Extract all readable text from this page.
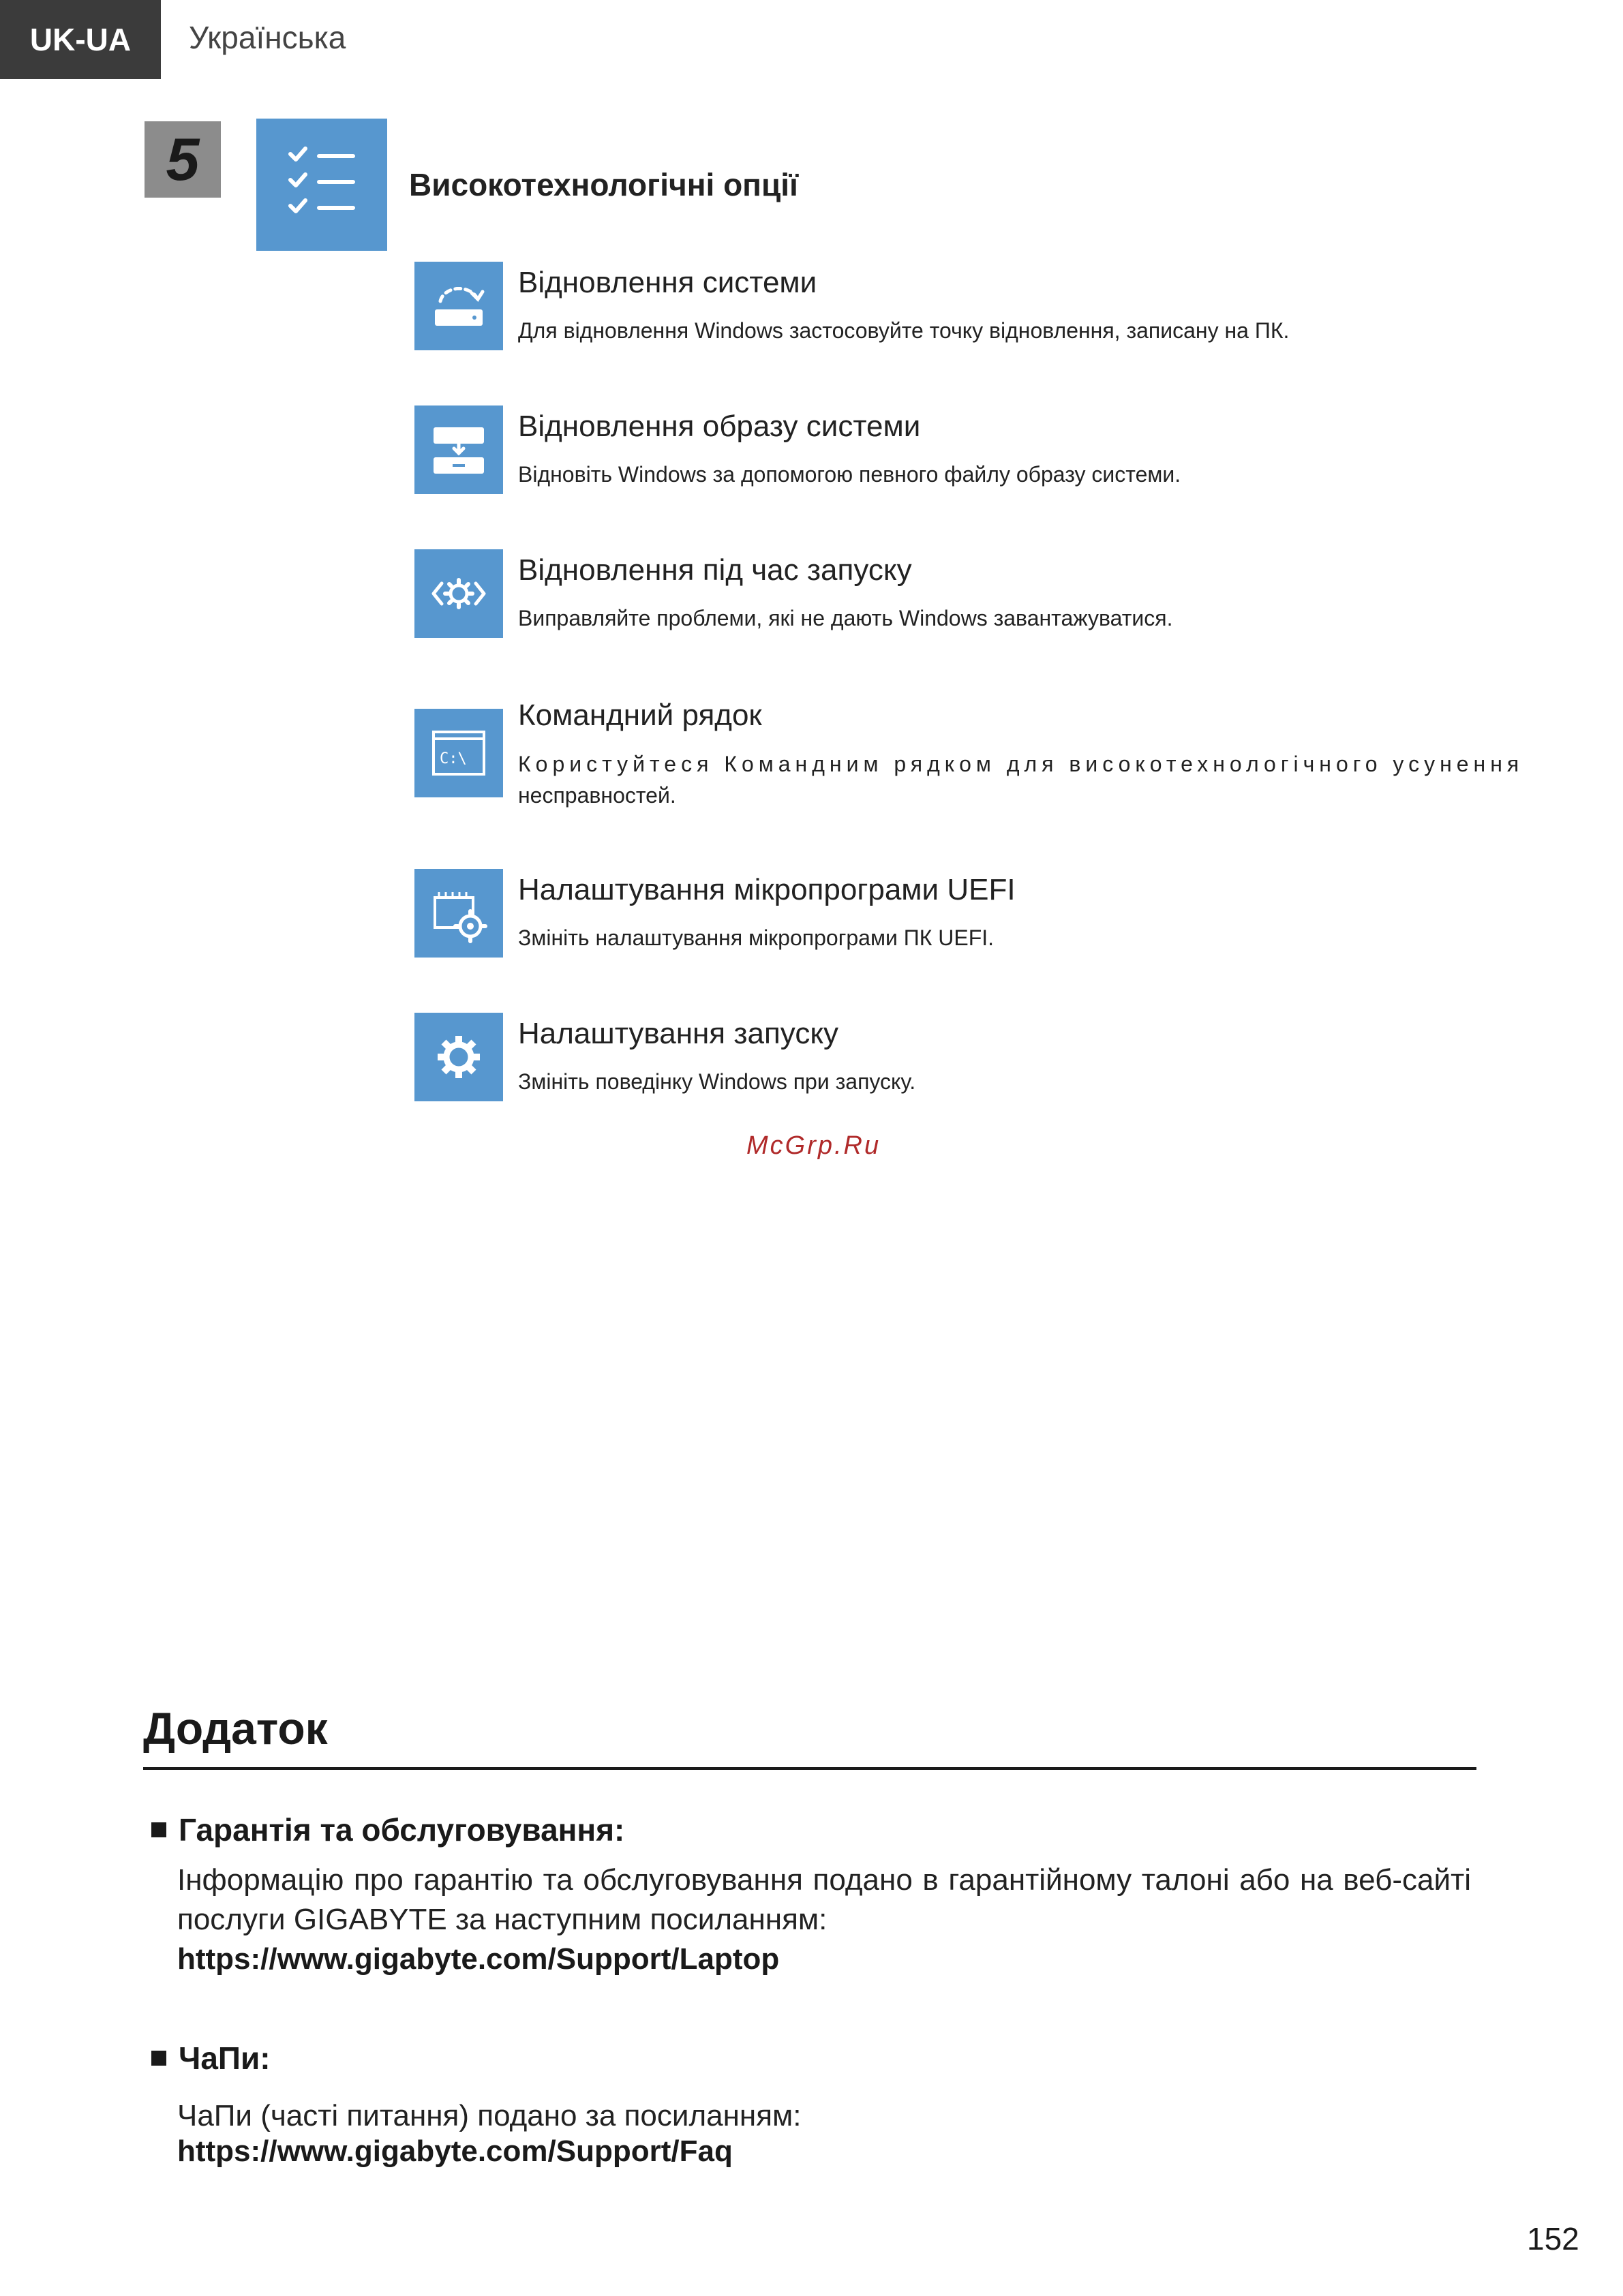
UK-UA	Українська
5	Високотехнологічні опції
Відновлення системи
Для відновлення Windows застосовуйте точку відновлення, записану на ПК.
Відновлення образу системи
Відновіть Windows за допомогою певного файлу образу системи.
Відновлення під час запуску
Виправляйте проблеми, які не дають Windows завантажуватися.
C:\
Командний рядок
Користуйтеся Командним рядком для високотехнологічного усунення
несправностей.
Налаштування мікропрограми UEFI
Змініть налаштування мікропрограми ПК UEFI.
Налаштування запуску
Змініть поведінку Windows при запуску.
McGrp.Ru
Додаток
Гарантія та обслуговування:
Інформацію про гарантію та обслуговування подано в гарантійному талоні або на веб-сайті послуги GIGABYTE за наступним посиланням:
https://www.gigabyte.com/Support/Laptop
ЧаПи:
ЧаПи (часті питання) подано за посиланням:
https://www.gigabyte.com/Support/Faq
152
